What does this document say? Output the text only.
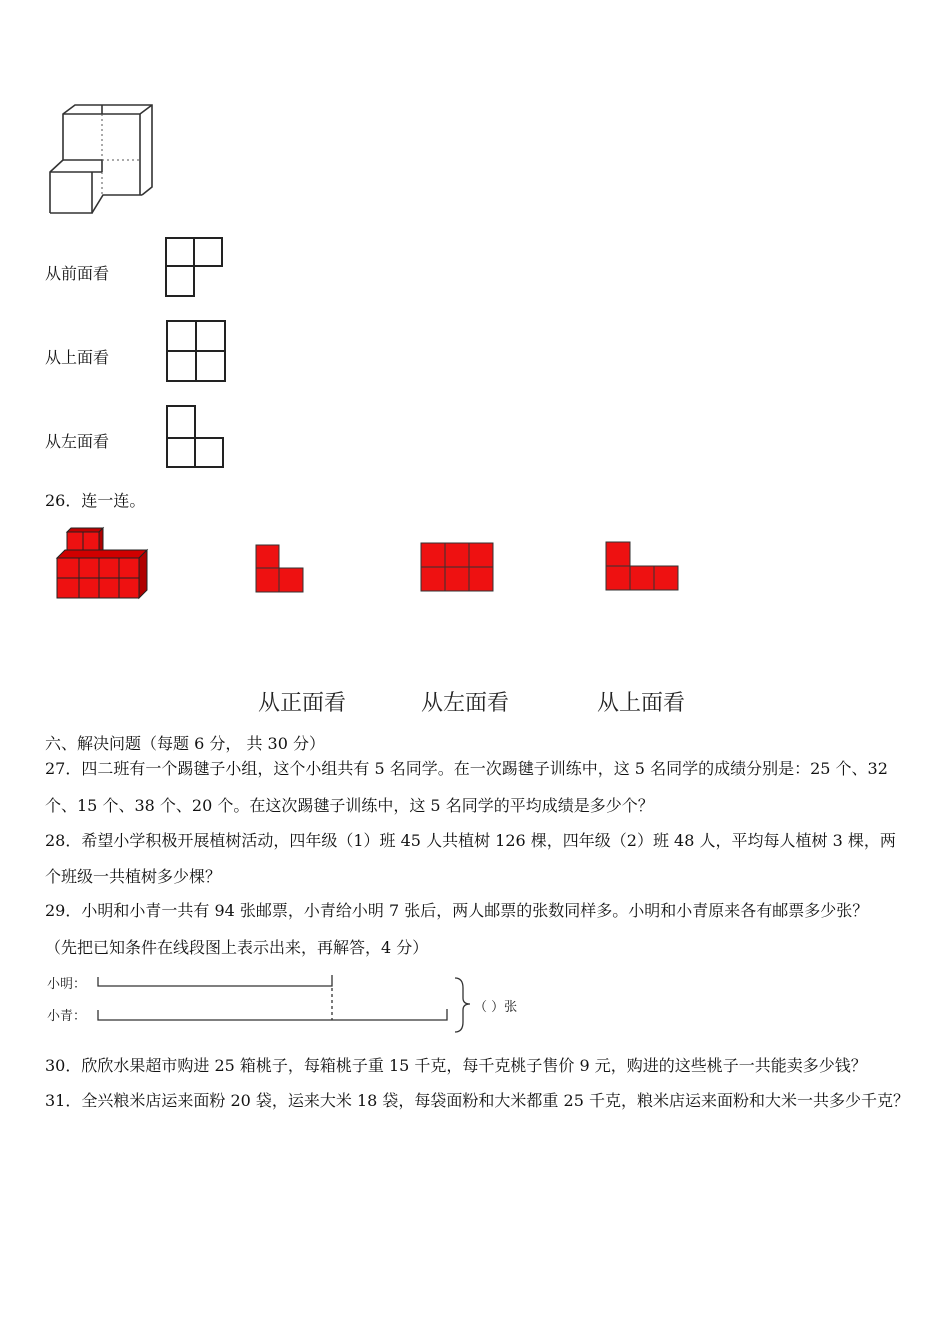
从前面看
从上面看
从左面看
26．连一连。
从正面看	从左面看	从上面看
六、解决问题（每题 6 分， 共 30 分）
27．四二班有一个踢毽子小组，这个小组共有 5 名同学。在一次踢毽子训练中，这 5 名同学的成绩分别是：25 个、32
个、15 个、38 个、20 个。在这次踢毽子训练中，这 5 名同学的平均成绩是多少个？
28．希望小学积极开展植树活动，四年级（1）班 45 人共植树 126 棵，四年级（2）班 48 人，平均每人植树 3 棵，两
个班级一共植树多少棵？
29．小明和小青一共有 94 张邮票，小青给小明 7 张后，两人邮票的张数同样多。小明和小青原来各有邮票多少张？
（先把已知条件在线段图上表示出来，再解答，4 分）
小明：
小青：
（ ）张
30．欣欣水果超市购进 25 箱桃子，每箱桃子重 15 千克，每千克桃子售价 9 元，购进的这些桃子一共能卖多少钱？
31．全兴粮米店运来面粉 20 袋，运来大米 18 袋，每袋面粉和大米都重 25 千克，粮米店运来面粉和大米一共多少千克？
